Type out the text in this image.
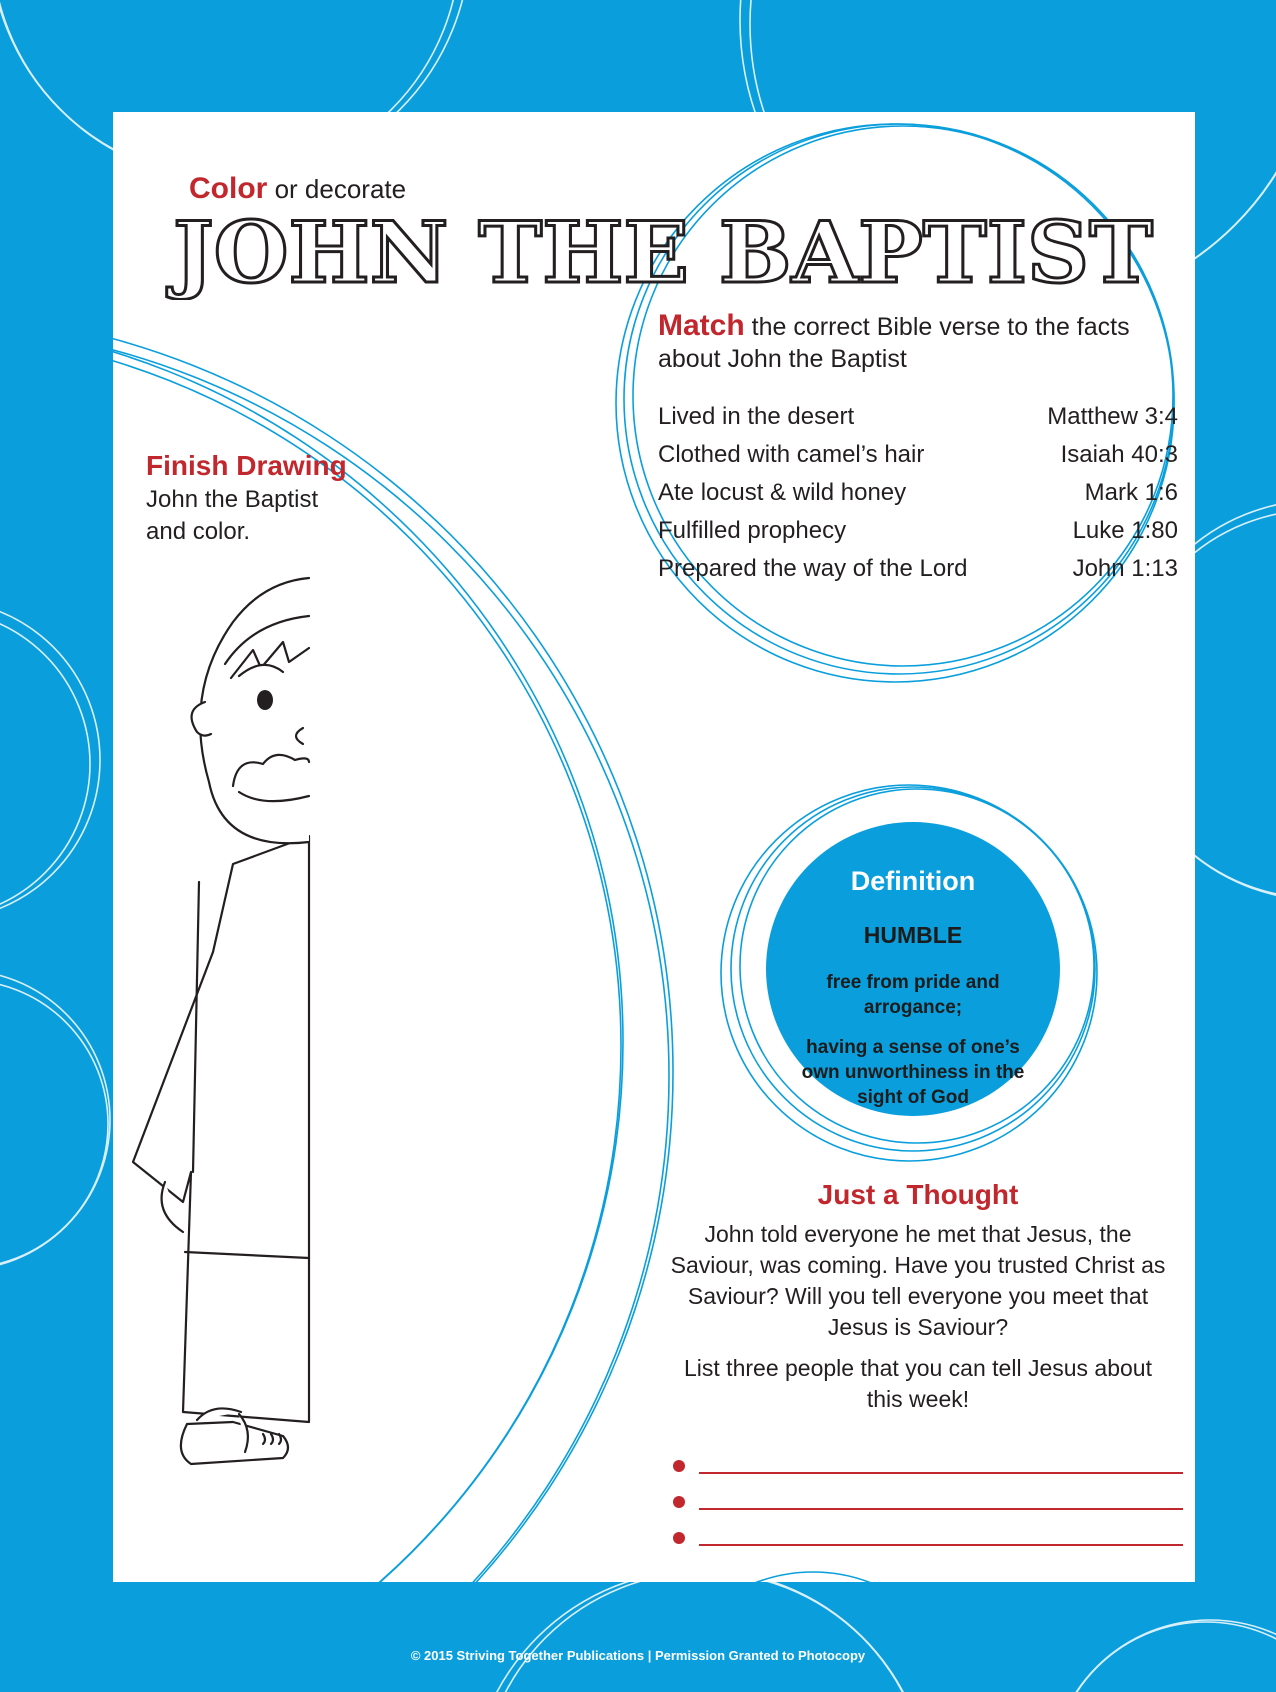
Color or decorate

JOHN THE BAPTIST

Match the correct Bible verse to the facts about John the Baptist

Lived in the desert	Matthew 3:4
Clothed with camel’s hair	Isaiah 40:3
Ate locust & wild honey	Mark 1:6
Fulfilled prophecy	Luke 1:80
Prepared the way of the Lord	John 1:13
Finish Drawing
John the Baptist
and color.
Definition
HUMBLE
free from pride and arrogance;
having a sense of one’s own unworthiness in the sight of God
Just a Thought
John told everyone he met that Jesus, the Saviour, was coming. Have you trusted Christ as Saviour? Will you tell everyone you meet that Jesus is Saviour?
List three people that you can tell Jesus about this week!
© 2015 Striving Together Publications | Permission Granted to Photocopy
